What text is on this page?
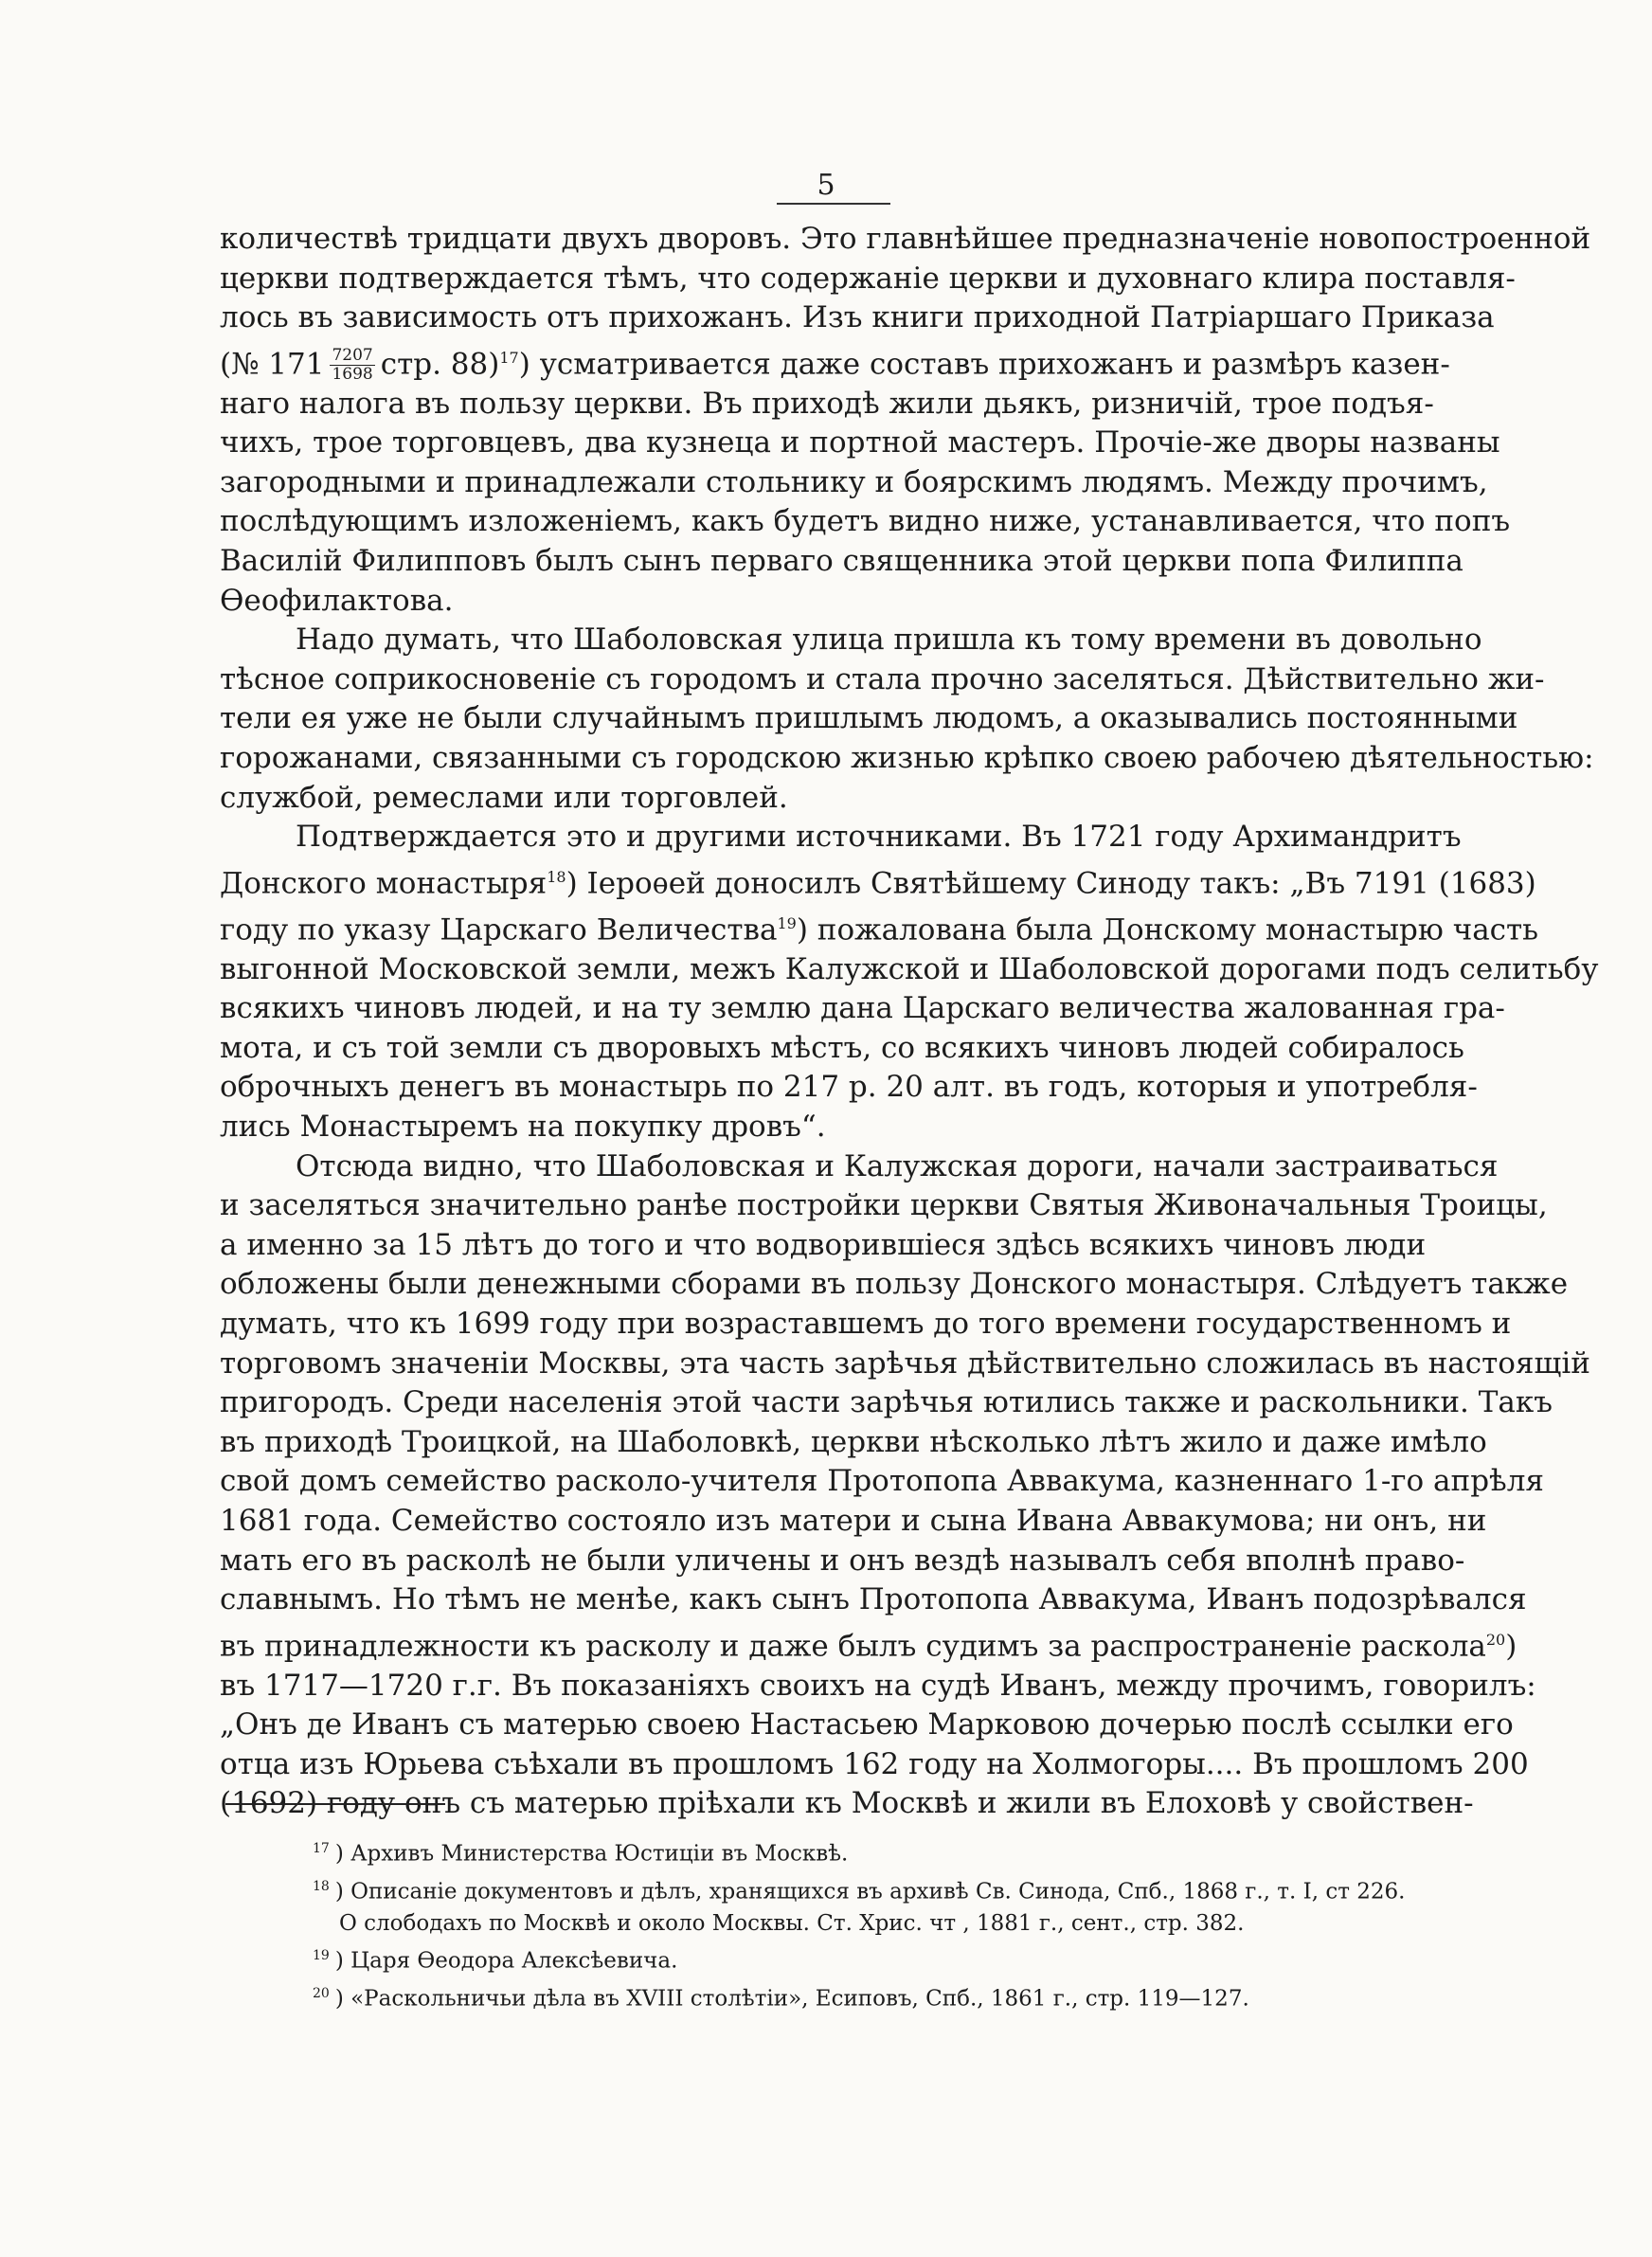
5
количествѣ тридцати двухъ дворовъ. Это главнѣйшее предназначеніе новопостроенной
церкви подтверждается тѣмъ, что содержаніе церкви и духовнаго клира поставля-
лось въ зависимость отъ прихожанъ. Изъ книги приходной Патріаршаго Приказа
(№ $171 \frac{7207}{1698}$ стр. 88)$^{17}$) усматривается даже составъ прихожанъ и размѣръ казен-
наго налога въ пользу церкви. Въ приходѣ жили дьякъ, ризничій, трое подъя-
чихъ, трое торговцевъ, два кузнеца и портной мастеръ. Прочіе-же дворы названы
загородными и принадлежали стольнику и боярскимъ людямъ. Между прочимъ,
послѣдующимъ изложеніемъ, какъ будетъ видно ниже, устанавливается, что попъ
Василій Филипповъ былъ сынъ перваго священника этой церкви попа Филиппа
Ѳеофилактова.
Надо думать, что Шаболовская улица пришла къ тому времени въ довольно
тѣсное соприкосновеніе съ городомъ и стала прочно заселяться. Дѣйствительно жи-
тели ея уже не были случайнымъ пришлымъ людомъ, а оказывались постоянными
горожанами, связанными съ городскою жизнью крѣпко своею рабочею дѣятельностью:
службой, ремеслами или торговлей.
Подтверждается это и другими источниками. Въ 1721 году Архимандритъ
Донского монастыря$^{18}$) Іероѳей доносилъ Святѣйшему Синоду такъ: „Въ 7191 (1683)
году по указу Царскаго Величества$^{19}$) пожалована была Донскому монастырю часть
выгонной Московской земли, межъ Калужской и Шаболовской дорогами подъ селитьбу
всякихъ чиновъ людей, и на ту землю дана Царскаго величества жалованная гра-
мота, и съ той земли съ дворовыхъ мѣстъ, со всякихъ чиновъ людей собиралось
оброчныхъ денегъ въ монастырь по 217 р. 20 алт. въ годъ, которыя и употребля-
лись Монастыремъ на покупку дровъ“.
Отсюда видно, что Шаболовская и Калужская дороги, начали застраиваться
и заселяться значительно ранѣе постройки церкви Святыя Живоначальныя Троицы,
а именно за 15 лѣтъ до того и что водворившіеся здѣсь всякихъ чиновъ люди
обложены были денежными сборами въ пользу Донского монастыря. Слѣдуетъ также
думать, что къ 1699 году при возраставшемъ до того времени государственномъ и
торговомъ значеніи Москвы, эта часть зарѣчья дѣйствительно сложилась въ настоящій
пригородъ. Среди населенія этой части зарѣчья ютились также и раскольники. Такъ
въ приходѣ Троицкой, на Шаболовкѣ, церкви нѣсколько лѣтъ жило и даже имѣло
свой домъ семейство расколо-учителя Протопопа Аввакума, казненнаго 1-го апрѣля
1681 года. Семейство состояло изъ матери и сына Ивана Аввакумова; ни онъ, ни
мать его въ расколѣ не были уличены и онъ вездѣ называлъ себя вполнѣ право-
славнымъ. Но тѣмъ не менѣе, какъ сынъ Протопопа Аввакума, Иванъ подозрѣвался
въ принадлежности къ расколу и даже былъ судимъ за распространеніе раскола$^{20}$)
въ 1717—1720 г.г. Въ показаніяхъ своихъ на судѣ Иванъ, между прочимъ, говорилъ:
„Онъ де Иванъ съ матерью своею Настасьею Марковою дочерью послѣ ссылки его
отца изъ Юрьева съѣхали въ прошломъ 162 году на Холмогоры.... Въ прошломъ 200
(1692) году онъ съ матерью пріѣхали къ Москвѣ и жили въ Елоховѣ у свойствен-
$^{17}$ ) Архивъ Министерства Юстиціи въ Москвѣ.
$^{18}$ ) Описаніе документовъ и дѣлъ, хранящихся въ архивѣ Св. Синода, Спб., 1868 г., т. I, ст 226.
О слободахъ по Москвѣ и около Москвы. Ст. Хрис. чт , 1881 г., сент., стр. 382.
$^{19}$ ) Царя Ѳеодора Алексѣевича.
$^{20}$ ) «Раскольничьи дѣла въ XVIII столѣтіи», Есиповъ, Спб., 1861 г., стр. 119—127.
